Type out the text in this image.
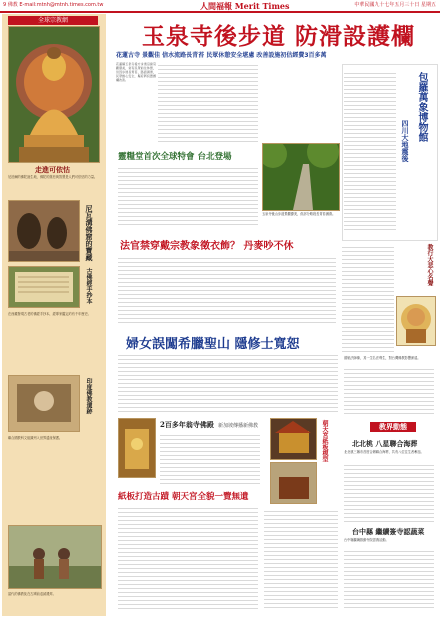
9 佛教 E-mail:mtnh@mtnh.times.com.tw	人間福報 Merit Times	中華民國九十七年五月三十日 星期五
全球宗教網
走進可依怙
尼泊爾的佛陀誕生地，佛陀的慈悲與智慧是人們可依怙的力量。
尼瓦溝佛窟的寶藏
古佛經手抄本
在西藏發現古老的佛經手抄本，經專家鑑定約有千年歷史。
印度佛教遺跡
聯合國教科文組織列入世界遺產保護。
當代的佛教徒在古蹟前虔誠禮拜。
玉泉寺後步道 防滑設護欄
花蓮古寺 景觀佳 信水流路長青苔 民眾休憩安全堪慮 改善設施初估經費3百多萬
花蓮縣玉泉寺後方步道沿線景觀優美，常有民眾前往休憩，但因步道長青苔，路面濕滑，民眾擔心安全，縣府將設置護欄改善。
玉泉寺後山步道景觀優美，但部分路段長青苔濕滑。
靈糧堂首次全球特會 台北登場
法官禁穿戴宗教象徵衣飾？ 丹麥吵不休
婦女誤闖希臘聖山 隱修士寬恕
2百多年翁寺佛殿 新加坡傳播新佛教
紙板打造古蹟 朝天宮全貌一覽無遺
朝天宮紙板模型
包羅萬象博物館
四川大地震後
教行大悲心名聲
慈航法師像，其一生弘法利生，對台灣佛教影響深遠。
教界動態
北北桃 八星聯合海葬
北北桃三縣市首度合辦聯合海葬，共有八位往生者參加。
台中縣 繼續簽寺認蔬菜
台中縣繼續推動寺院認養活動。
